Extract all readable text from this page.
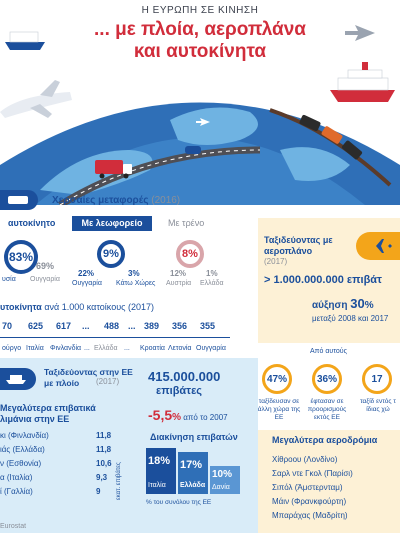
Η ΕΥΡΩΠΗ ΣΕ ΚΙΝΗΣΗ
... με πλοία, αεροπλάνα
και αυτοκίνητα
Χερσαίες μεταφορές (2016)
αυτοκίνητο	Με λεωφορείο	Με τρένο
83%
υσία
69%
Ουγγαρία
9%
22%
Ουγγαρία
3%
Κάτω Χώρες
8%
12%
Αυστρία
1%
Ελλάδα
υτοκίνητα ανά 1.000 κατοίκους (2017)
70 625 617 ... 488 ... 389 356 355
ούργο Ιταλία Φινλανδία ... Ελλάδα ... Κροατία Λετονία Ουγγαρία
Ταξιδεύοντας στην ΕΕ με πλοίο	(2017) 415.000.000
επιβάτες
-5,5% από το 2007
Μεγαλύτερα επιβατικά
λιμάνια στην ΕΕ
κι (Φινλανδία)	11,8
ιάς (Ελλάδα)	11,8
ν (Εσθονία)	10,6
α (Ιταλία)	9,3
ί (Γαλλία)	9	εκατ. επιβάτες
Διακίνηση επιβατών
18%
Ιταλία
17%
Ελλάδα
10%
Δανία
% του συνόλου της ΕΕ
Eurostat
Ταξιδεύοντας με αεροπλάνο
(2017)
> 1.000.000.000 επιβάτ
αύξηση 30%
μεταξύ 2008 και 2017
Από αυτούς
47%
ταξίδευσαν σε άλλη χώρα της ΕΕ
36%
έφτασαν σε προορισμούς εκτός ΕΕ
17
ταξίδ εντός τ ίδιας χώ
Μεγαλύτερα αεροδρόμια
Χίθροου (Λονδίνο)
Σαρλ ντε Γκολ (Παρίσι)
Σιπόλ (Άμστερνταμ)
Μάιν (Φρανκφούρτη)
Μπαράχας (Μαδρίτη)
